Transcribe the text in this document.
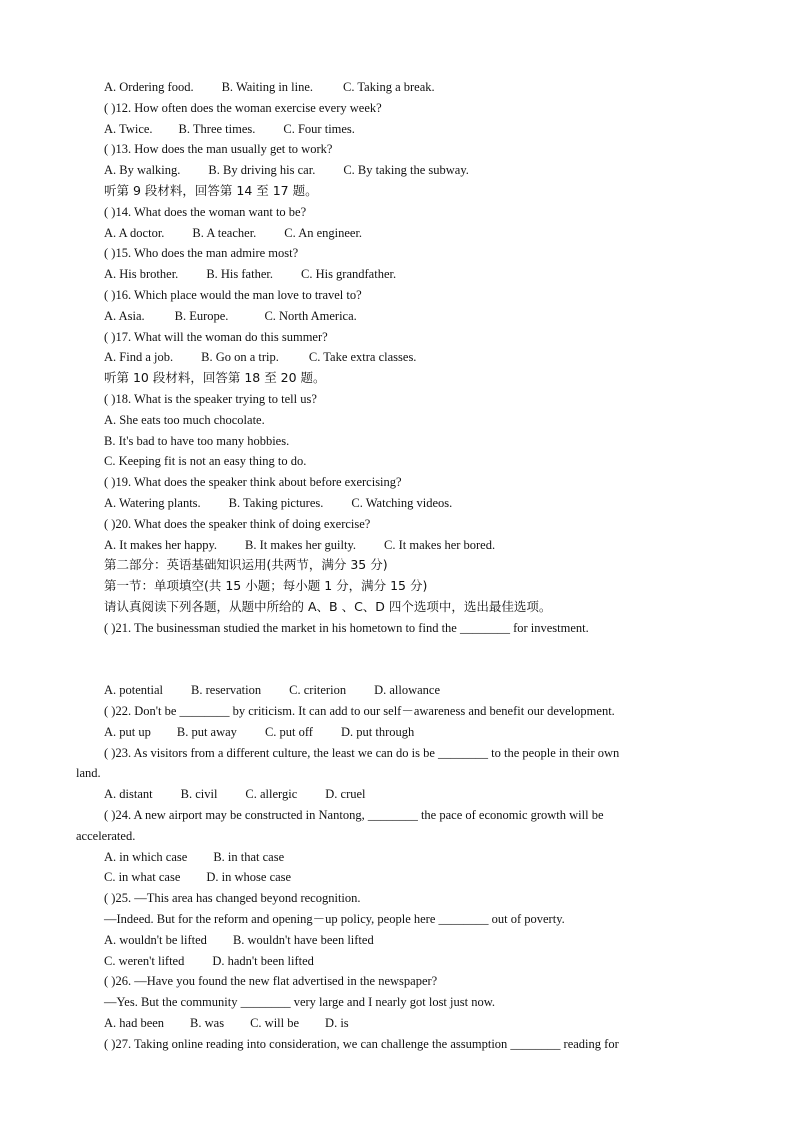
A. Ordering food. B. Waiting in line. C. Taking a break.
( )12. How often does the woman exercise every week?
A. Twice. B. Three times. C. Four times.
( )13. How does the man usually get to work?
A. By walking. B. By driving his car. C. By taking the subway.
听第 9 段材料，回答第 14 至 17 题。
( )14. What does the woman want to be?
A. A doctor. B. A teacher. C. An engineer.
( )15. Who does the man admire most?
A. His brother. B. His father. C. His grandfather.
( )16. Which place would the man love to travel to?
A. Asia. B. Europe.	C. North America.
( )17. What will the woman do this summer?
A. Find a job. B. Go on a trip. C. Take extra classes.
听第 10 段材料，回答第 18 至 20 题。
( )18. What is the speaker trying to tell us?
A. She eats too much chocolate.
B. It's bad to have too many hobbies.
C. Keeping fit is not an easy thing to do.
( )19. What does the speaker think about before exercising?
A. Watering plants. B. Taking pictures. C. Watching videos.
( )20. What does the speaker think of doing exercise?
A. It makes her happy. B. It makes her guilty. C. It makes her bored.
第二部分：英语基础知识运用(共两节，满分 35 分)
第一节：单项填空(共 15 小题；每小题 1 分，满分 15 分)
请认真阅读下列各题，从题中所给的 A、B 、C、D 四个选项中，选出最佳选项。
( )21. The businessman studied the market in his hometown to find the ________ for investment.
A. potential B. reservation C. criterion D. allowance
( )22. Don't be ________ by criticism. It can add to our self－awareness and benefit our development.
A. put up B. put away C. put off D. put through
( )23. As visitors from a different culture, the least we can do is be ________ to the people in their own
land.
A. distant B. civil C. allergic D. cruel
( )24. A new airport may be constructed in Nantong, ________ the pace of economic growth will be
accelerated.
A. in which case B. in that case
C. in what case D. in whose case
( )25. —This area has changed beyond recognition.
—Indeed. But for the reform and opening－up policy, people here ________ out of poverty.
A. wouldn't be lifted B. wouldn't have been lifted
C. weren't lifted D. hadn't been lifted
( )26. —Have you found the new flat advertised in the newspaper?
—Yes. But the community ________ very large and I nearly got lost just now.
A. had been B. was C. will be D. is
( )27. Taking online reading into consideration, we can challenge the assumption ________ reading for
